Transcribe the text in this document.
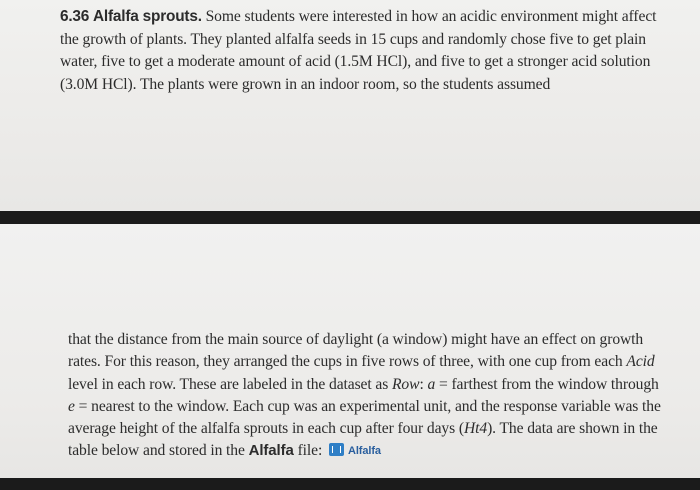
6.36 Alfalfa sprouts. Some students were interested in how an acidic environment might affect the growth of plants. They planted alfalfa seeds in 15 cups and randomly chose five to get plain water, five to get a moderate amount of acid (1.5M HCl), and five to get a stronger acid solution (3.0M HCl). The plants were grown in an indoor room, so the students assumed

that the distance from the main source of daylight (a window) might have an effect on growth rates. For this reason, they arranged the cups in five rows of three, with one cup from each Acid level in each row. These are labeled in the dataset as Row: a = farthest from the window through e = nearest to the window. Each cup was an experimental unit, and the response variable was the average height of the alfalfa sprouts in each cup after four days (Ht4). The data are shown in the table below and stored in the Alfalfa file: Alfalfa
